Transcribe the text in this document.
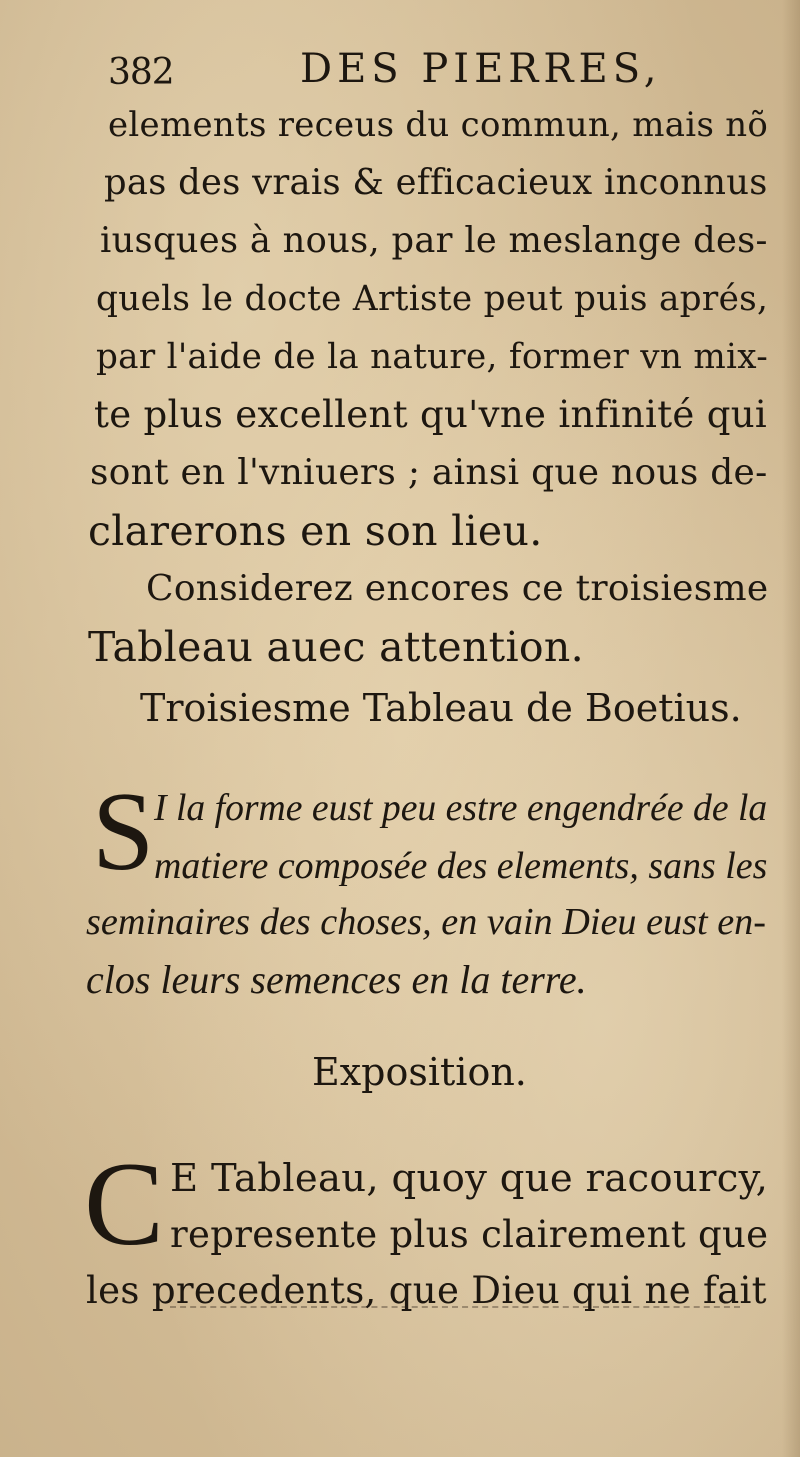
382	DES PIERRES,
elements receus du commun, mais nõ
pas des vrais & efficacieux inconnus
iusques à nous, par le meslange des-
quels le docte Artiste peut puis aprés,
par l'aide de la nature, former vn mix-
te plus excellent qu'vne infinité qui
sont en l'vniuers ; ainsi que nous de-
clarerons en son lieu.
Considerez encores ce troisiesme
Tableau auec attention.
Troisiesme Tableau de Boetius.
S I la forme eust peu estre engendrée de la
matiere composée des elements, sans les
seminaires des choses, en vain Dieu eust en-
clos leurs semences en la terre.
Exposition.
C E Tableau, quoy que racourcy,
represente plus clairement que
les precedents, que Dieu qui ne fait
